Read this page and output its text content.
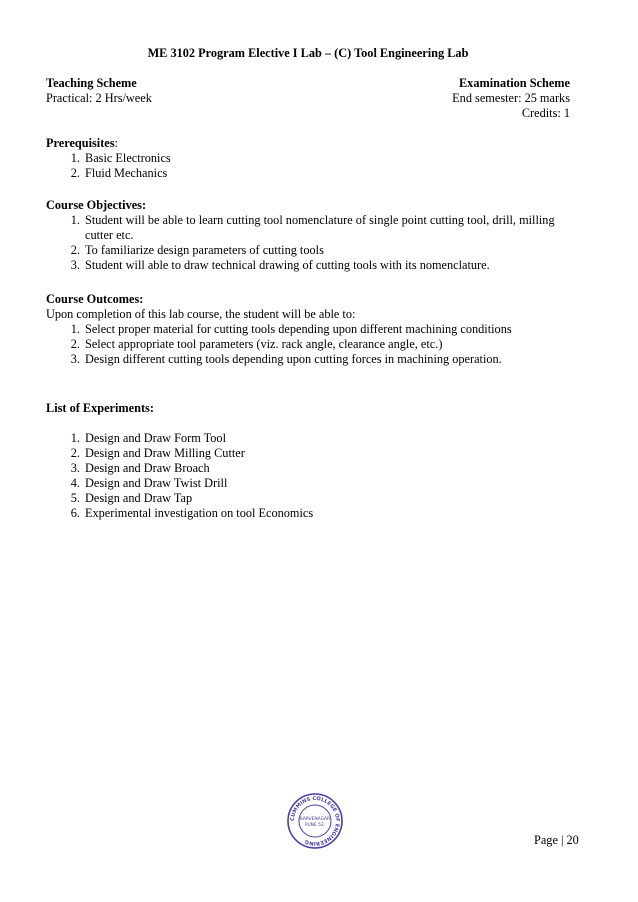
ME 3102 Program Elective I Lab – (C) Tool Engineering Lab
Teaching Scheme
Practical: 2 Hrs/week
Examination Scheme
End semester: 25 marks
Credits: 1
Prerequisites:
1. Basic Electronics
2. Fluid Mechanics
Course Objectives:
1. Student will be able to learn cutting tool nomenclature of single point cutting tool, drill, milling cutter etc.
2. To familiarize design parameters of cutting tools
3. Student will able to draw technical drawing of cutting tools with its nomenclature.
Course Outcomes:
Upon completion of this lab course, the student will be able to:
1. Select proper material for cutting tools depending upon different machining conditions
2. Select appropriate tool parameters (viz. rack angle, clearance angle, etc.)
3. Design different cutting tools depending upon cutting forces in machining operation.
List of Experiments:
1. Design and Draw Form Tool
2. Design and Draw Milling Cutter
3. Design and Draw Broach
4. Design and Draw Twist Drill
5. Design and Draw Tap
6. Experimental investigation on tool Economics
CUMMINS COLLEGE OF ENGINEERING
KARVENAGAR
PUNE 52.
Page | 20
